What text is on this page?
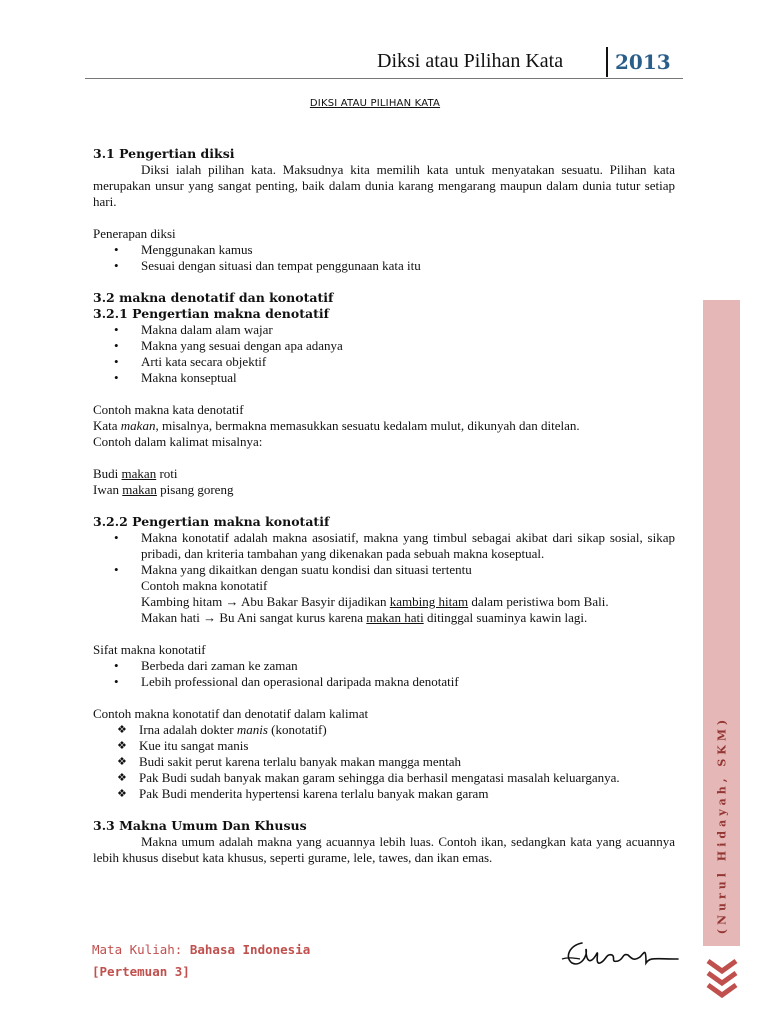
Diksi atau Pilihan Kata	2013
DIKSI ATAU PILIHAN KATA
3.1 Pengertian diksi
Diksi ialah pilihan kata. Maksudnya kita memilih kata untuk menyatakan sesuatu. Pilihan kata merupakan unsur yang sangat penting, baik dalam dunia karang mengarang maupun dalam dunia tutur setiap hari.
Penerapan diksi
• Menggunakan kamus
• Sesuai dengan situasi dan tempat penggunaan kata itu
3.2 makna denotatif dan konotatif
3.2.1 Pengertian makna denotatif
• Makna dalam alam wajar
• Makna yang sesuai dengan apa adanya
• Arti kata secara objektif
• Makna konseptual
Contoh makna kata denotatif
Kata makan, misalnya, bermakna memasukkan sesuatu kedalam mulut, dikunyah dan ditelan.
Contoh dalam kalimat misalnya:
Budi makan roti
Iwan makan pisang goreng
3.2.2 Pengertian makna konotatif
• Makna konotatif adalah makna asosiatif, makna yang timbul sebagai akibat dari sikap sosial, sikap pribadi, dan kriteria tambahan yang dikenakan pada sebuah makna koseptual.
• Makna yang dikaitkan dengan suatu kondisi dan situasi tertentu
Contoh makna konotatif
Kambing hitam → Abu Bakar Basyir dijadikan kambing hitam dalam peristiwa bom Bali.
Makan hati → Bu Ani sangat kurus karena makan hati ditinggal suaminya kawin lagi.
Sifat makna konotatif
• Berbeda dari zaman ke zaman
• Lebih professional dan operasional daripada makna denotatif
Contoh makna konotatif dan denotatif dalam kalimat
❖ Irna adalah dokter manis (konotatif)
❖ Kue itu sangat manis
❖ Budi sakit perut karena terlalu banyak makan mangga mentah
❖ Pak Budi sudah banyak makan garam sehingga dia berhasil mengatasi masalah keluarganya.
❖ Pak Budi menderita hypertensi karena terlalu banyak makan garam
3.3 Makna Umum Dan Khusus
Makna umum adalah makna yang acuannya lebih luas. Contoh ikan, sedangkan kata yang acuannya lebih khusus disebut kata khusus, seperti gurame, lele, tawes, dan ikan emas.	(Nurul Hidayah, SKM)
Mata Kuliah: Bahasa Indonesia
[Pertemuan 3]
